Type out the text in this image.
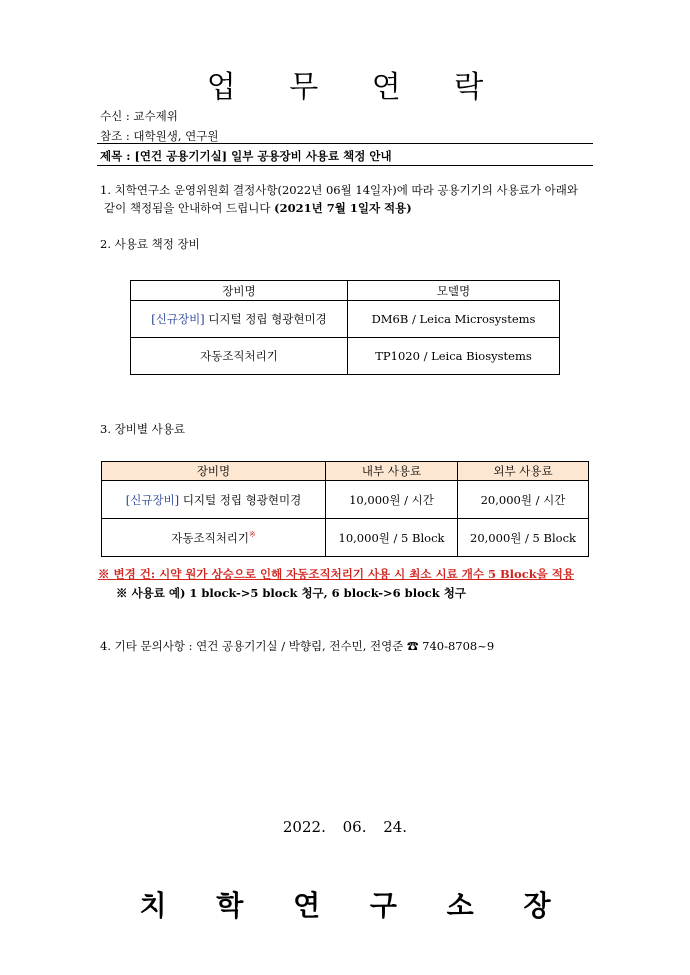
업 무 연 락
수신 : 교수제위
참조 : 대학원생, 연구원
제목 : [연건 공용기기실] 일부 공용장비 사용료 책정 안내
1. 치학연구소 운영위원회 결정사항(2022년 06월 14일자)에 따라 공용기기의 사용료가 아래와
같이 책정됨을 안내하여 드립니다 (2021년 7월 1일자 적용)
2. 사용료 책정 장비
장비명	모델명
[신규장비] 디지털 정립 형광현미경	DM6B / Leica Microsystems
자동조직처리기	TP1020 / Leica Biosystems
3. 장비별 사용료
장비명	내부 사용료	외부 사용료
[신규장비] 디지털 정립 형광현미경	10,000원 / 시간	20,000원 / 시간
자동조직처리기※	10,000원 / 5 Block	20,000원 / 5 Block
※ 변경 건: 시약 원가 상승으로 인해 자동조직처리기 사용 시 최소 시료 개수 5 Block을 적용
※ 사용료 예) 1 block->5 block 청구, 6 block->6 block 청구
4. 기타 문의사항 : 연건 공용기기실 / 박향림, 전수민, 전영준 ☎ 740-8708~9
2022. 06. 24.
치 학 연 구 소 장
